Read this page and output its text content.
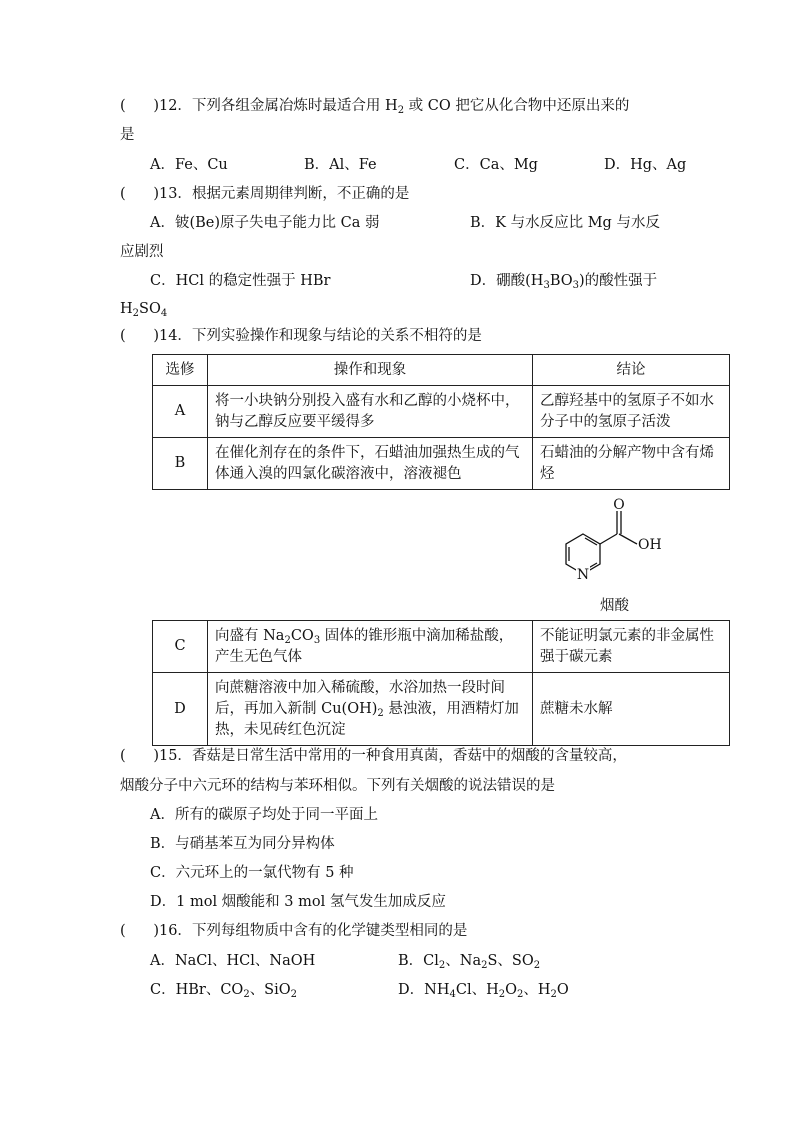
( )12．下列各组金属冶炼时最适合用 $H_2$ 或 CO 把它从化合物中还原出来的
是
A．Fe、Cu	B．Al、Fe	C．Ca、Mg	D．Hg、Ag
( )13．根据元素周期律判断，不正确的是
A．铍(Be)原子失电子能力比 Ca 弱	B．K 与水反应比 Mg 与水反
应剧烈
C．HCl 的稳定性强于 HBr	D．硼酸$(H_3BO_3)$的酸性强于
$H_2SO_4$
( )14．下列实验操作和现象与结论的关系不相符的是
选修	操作和现象	结论
A	将一小块钠分别投入盛有水和乙醇的小烧杯中，钠与乙醇反应要平缓得多	乙醇羟基中的氢原子不如水分子中的氢原子活泼
B	在催化剂存在的条件下，石蜡油加强热生成的气体通入溴的四氯化碳溶液中，溶液褪色	石蜡油的分解产物中含有烯烃
N
O
OH
烟酸
C	向盛有 $Na_2CO_3$ 固体的锥形瓶中滴加稀盐酸，产生无色气体	不能证明氯元素的非金属性强于碳元素
D	向蔗糖溶液中加入稀硫酸，水浴加热一段时间后，再加入新制 $Cu(OH)_2$ 悬浊液，用酒精灯加热，未见砖红色沉淀	蔗糖未水解
( )15．香菇是日常生活中常用的一种食用真菌，香菇中的烟酸的含量较高，
烟酸分子中六元环的结构与苯环相似。下列有关烟酸的说法错误的是
A．所有的碳原子均处于同一平面上
B．与硝基苯互为同分异构体
C．六元环上的一氯代物有 5 种
D．1 mol 烟酸能和 3 mol 氢气发生加成反应
( )16．下列每组物质中含有的化学键类型相同的是
A．NaCl、HCl、NaOH	B．$Cl_2$、$Na_2S$、$SO_2$
C．HBr、$CO_2$、SiO$_2$	D．$NH_4Cl$、$H_2O_2$、$H_2O$
